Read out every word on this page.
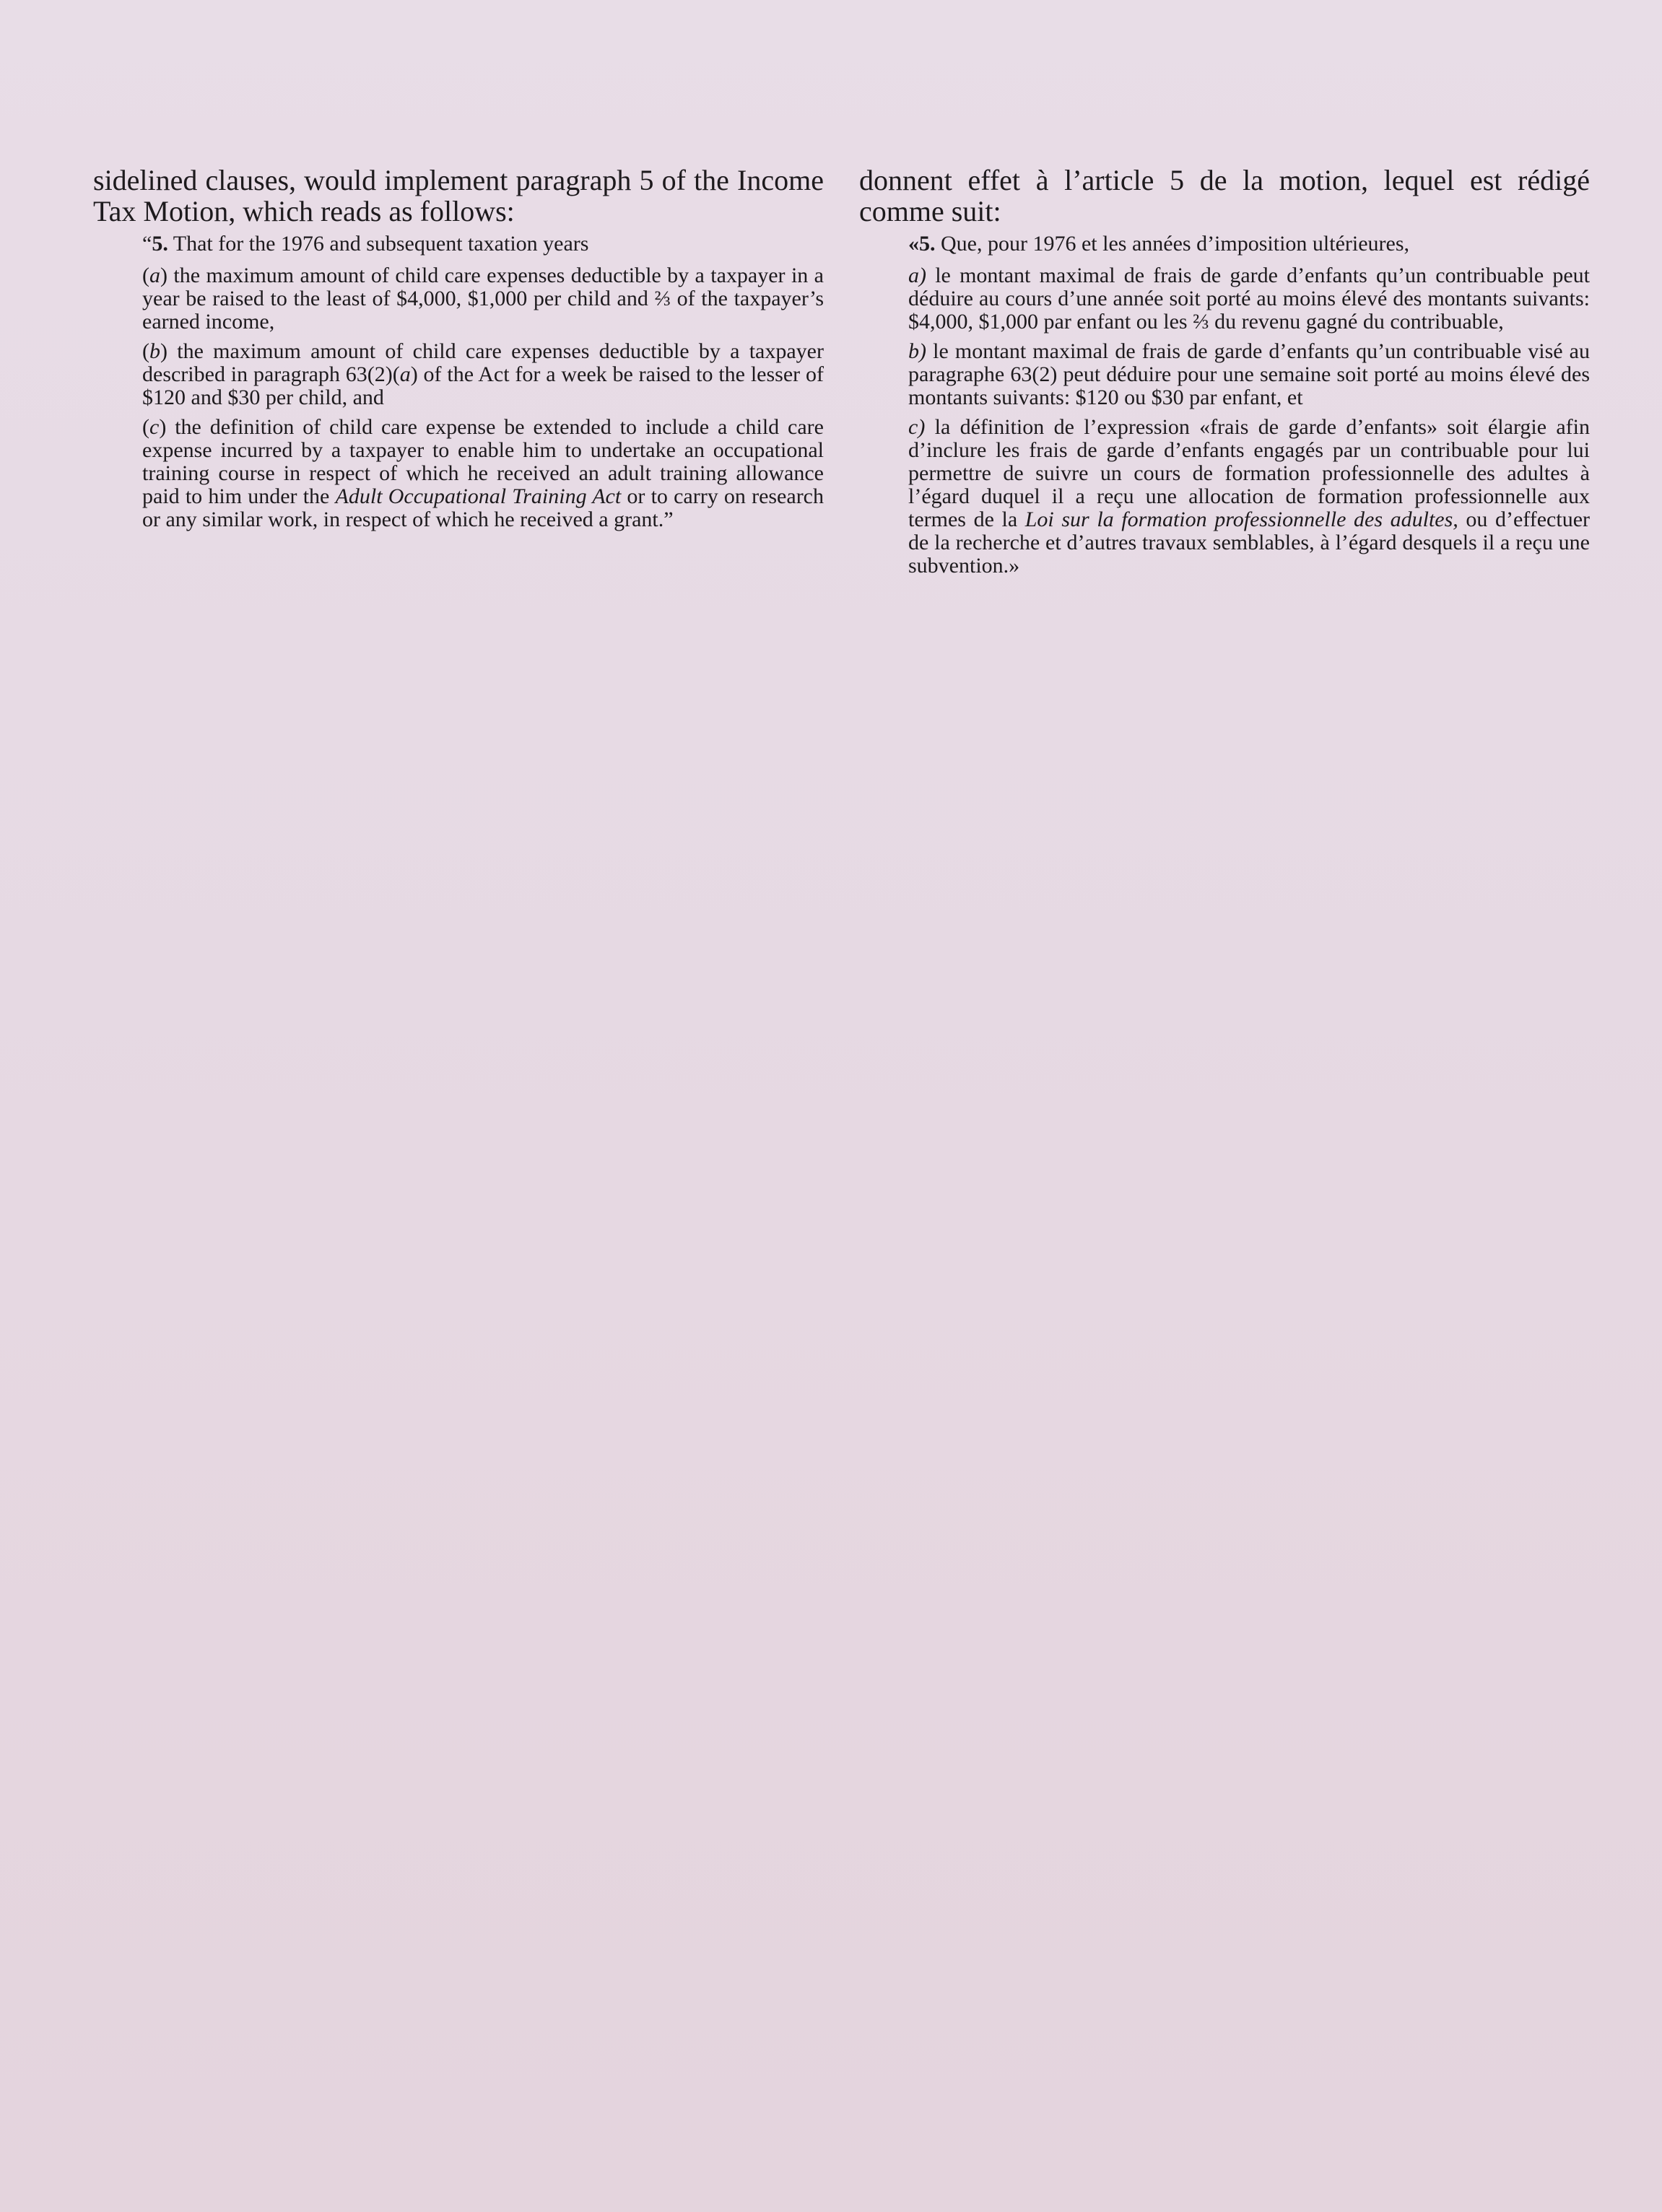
sidelined clauses, would implement paragraph 5 of the Income Tax Motion, which reads as follows:

“5. That for the 1976 and subsequent taxation years

(a) the maximum amount of child care expenses deductible by a taxpayer in a year be raised to the least of $4,000, $1,000 per child and ⅔ of the taxpayer’s earned income,

(b) the maximum amount of child care expenses deductible by a taxpayer described in paragraph 63(2)(a) of the Act for a week be raised to the lesser of $120 and $30 per child, and

(c) the definition of child care expense be extended to include a child care expense incurred by a taxpayer to enable him to undertake an occupational training course in respect of which he received an adult training allowance paid to him under the Adult Occupational Training Act or to carry on research or any similar work, in respect of which he received a grant.”

donnent effet à l’article 5 de la motion, lequel est rédigé comme suit:

«5. Que, pour 1976 et les années d’imposition ultérieures,

a) le montant maximal de frais de garde d’enfants qu’un contribuable peut déduire au cours d’une année soit porté au moins élevé des montants suivants: $4,000, $1,000 par enfant ou les ⅔ du revenu gagné du contribuable,

b) le montant maximal de frais de garde d’enfants qu’un contribuable visé au paragraphe 63(2) peut déduire pour une semaine soit porté au moins élevé des montants suivants: $120 ou $30 par enfant, et

c) la définition de l’expression «frais de garde d’enfants» soit élargie afin d’inclure les frais de garde d’enfants engagés par un contribuable pour lui permettre de suivre un cours de formation professionnelle des adultes à l’égard duquel il a reçu une allocation de formation professionnelle aux termes de la Loi sur la formation professionnelle des adultes, ou d’effectuer de la recherche et d’autres travaux semblables, à l’égard desquels il a reçu une subvention.»
